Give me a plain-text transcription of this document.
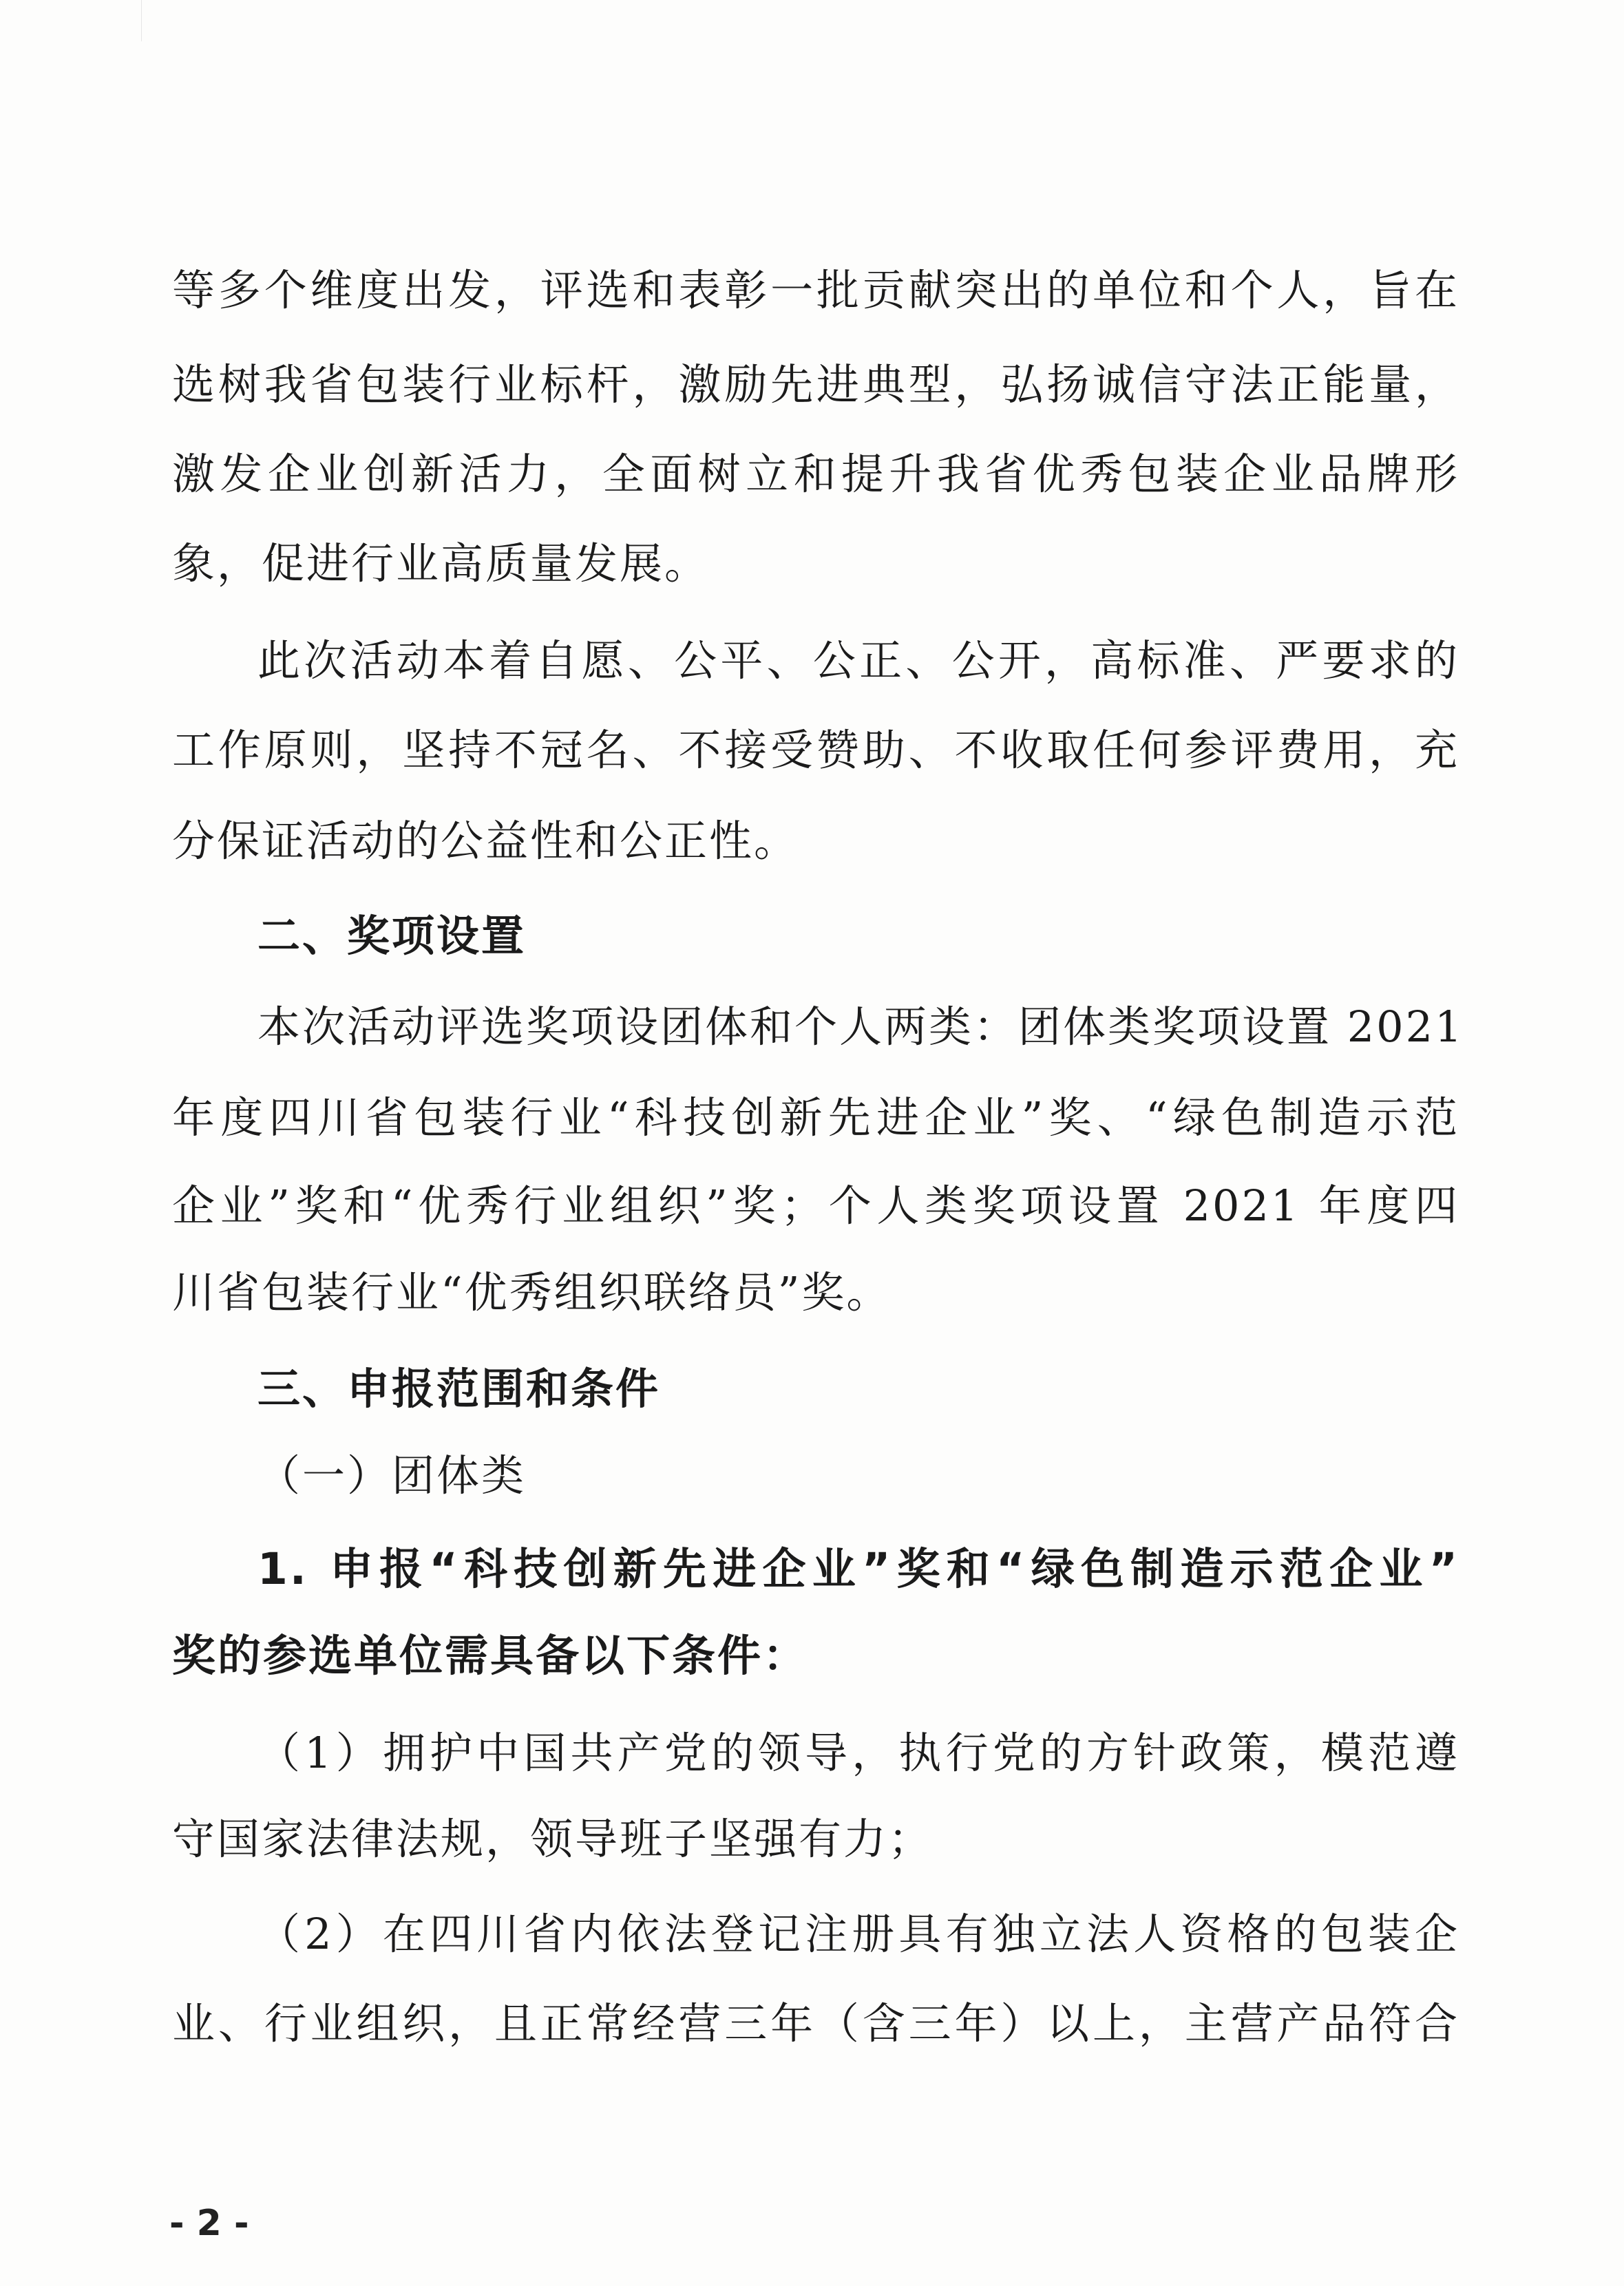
等多个维度出发，评选和表彰一批贡献突出的单位和个人，旨在
选树我省包装行业标杆，激励先进典型，弘扬诚信守法正能量，
激发企业创新活力，全面树立和提升我省优秀包装企业品牌形
象，促进行业高质量发展。
此次活动本着自愿、公平、公正、公开，高标准、严要求的
工作原则，坚持不冠名、不接受赞助、不收取任何参评费用，充
分保证活动的公益性和公正性。
二、奖项设置
本次活动评选奖项设团体和个人两类：团体类奖项设置 2021
年度四川省包装行业“科技创新先进企业”奖、“绿色制造示范
企业”奖和“优秀行业组织”奖；个人类奖项设置 2021 年度四
川省包装行业“优秀组织联络员”奖。
三、申报范围和条件
（一）团体类
1. 申报“科技创新先进企业”奖和“绿色制造示范企业”
奖的参选单位需具备以下条件：
（1）拥护中国共产党的领导，执行党的方针政策，模范遵
守国家法律法规，领导班子坚强有力；
（2）在四川省内依法登记注册具有独立法人资格的包装企
业、行业组织，且正常经营三年（含三年）以上，主营产品符合
- 2 -
